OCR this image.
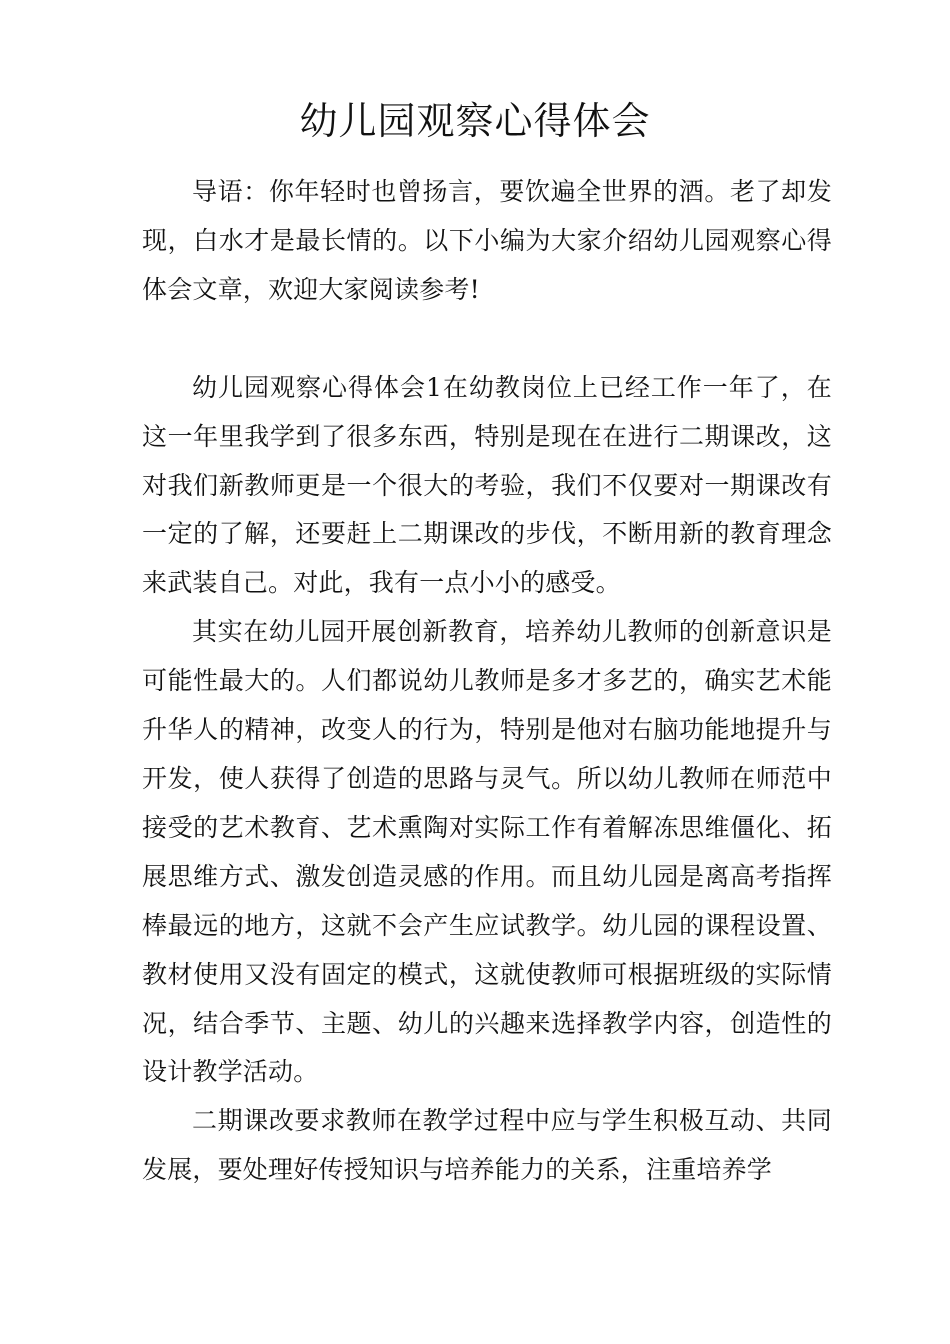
幼儿园观察心得体会

导语：你年轻时也曾扬言，要饮遍全世界的酒。老了却发现，白水才是最长情的。以下小编为大家介绍幼儿园观察心得体会文章，欢迎大家阅读参考!

幼儿园观察心得体会1在幼教岗位上已经工作一年了，在这一年里我学到了很多东西，特别是现在在进行二期课改，这对我们新教师更是一个很大的考验，我们不仅要对一期课改有一定的了解，还要赶上二期课改的步伐，不断用新的教育理念来武装自己。对此，我有一点小小的感受。

其实在幼儿园开展创新教育，培养幼儿教师的创新意识是可能性最大的。人们都说幼儿教师是多才多艺的，确实艺术能升华人的精神，改变人的行为，特别是他对右脑功能地提升与开发，使人获得了创造的思路与灵气。所以幼儿教师在师范中接受的艺术教育、艺术熏陶对实际工作有着解冻思维僵化、拓展思维方式、激发创造灵感的作用。而且幼儿园是离高考指挥棒最远的地方，这就不会产生应试教学。幼儿园的课程设置、教材使用又没有固定的模式，这就使教师可根据班级的实际情况，结合季节、主题、幼儿的兴趣来选择教学内容，创造性的设计教学活动。

二期课改要求教师在教学过程中应与学生积极互动、共同发展，要处理好传授知识与培养能力的关系，注重培养学
